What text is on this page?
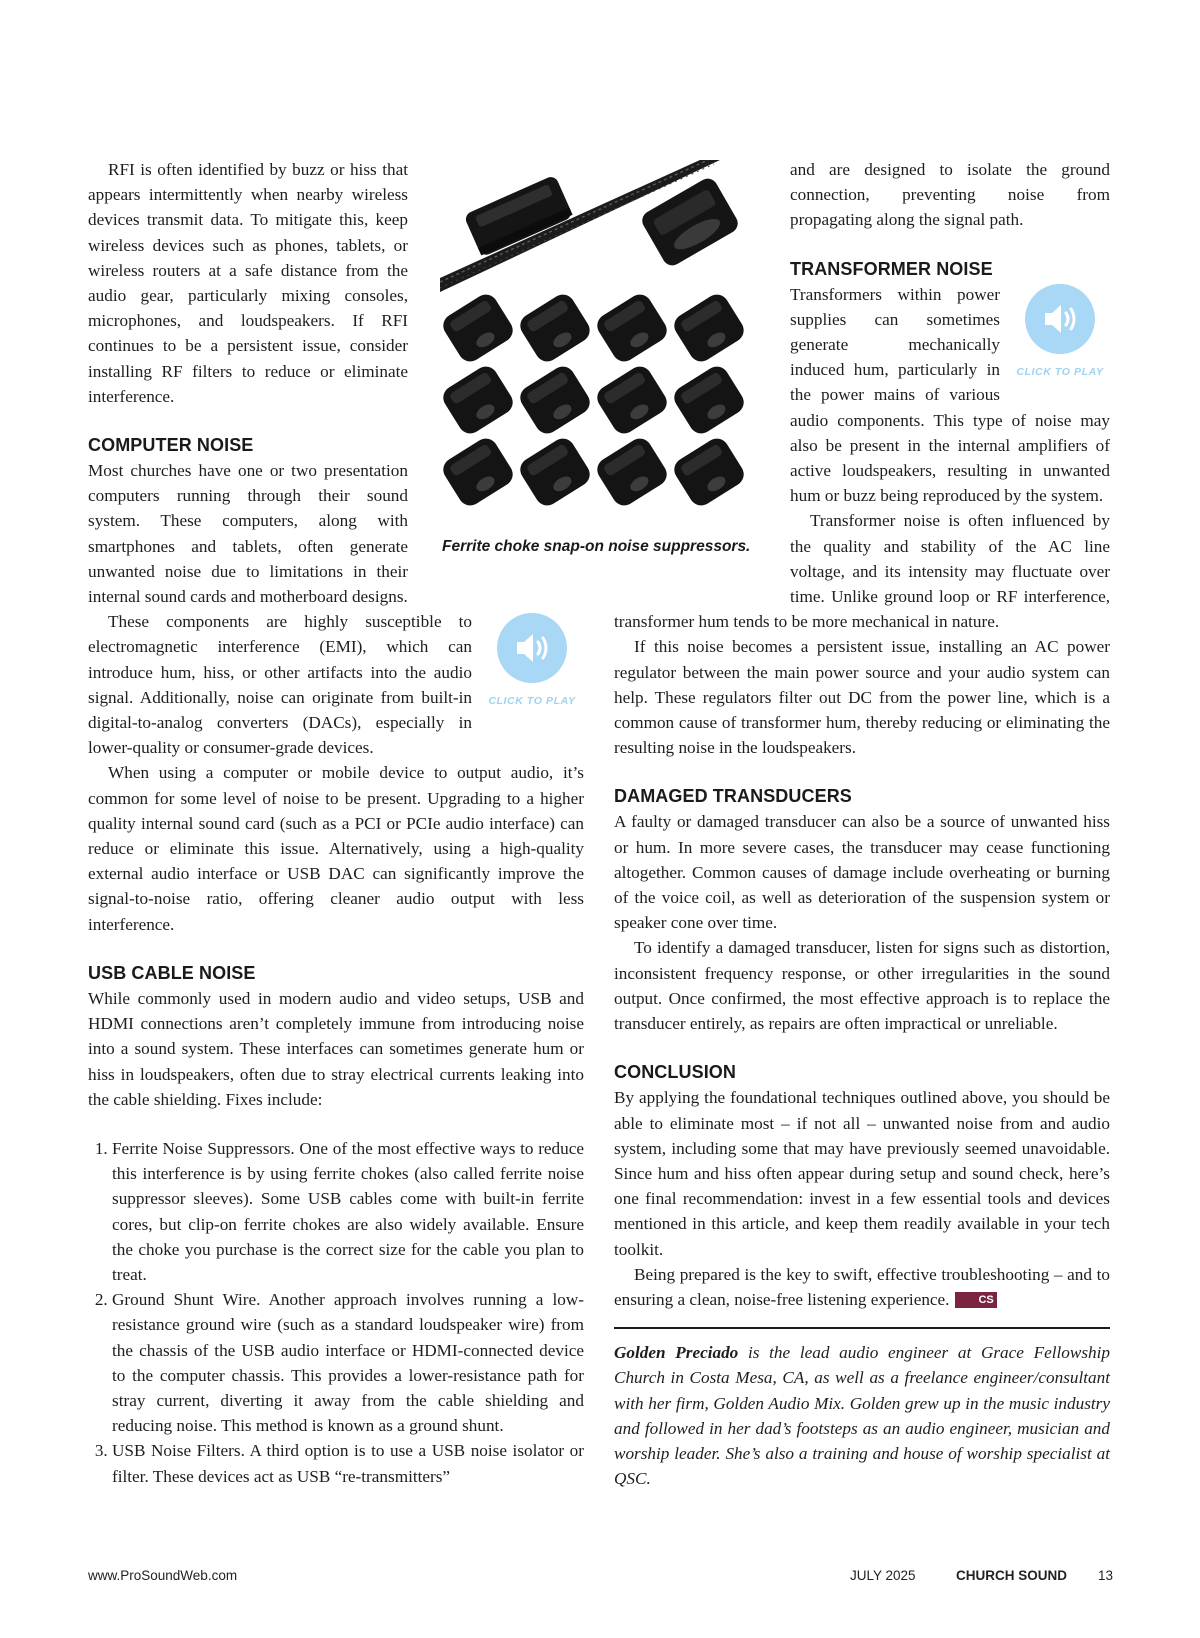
RFI is often identified by buzz or hiss that appears intermittently when nearby wireless devices transmit data. To mitigate this, keep wireless devices such as phones, tablets, or wireless routers at a safe distance from the audio gear, particularly mixing consoles, microphones, and loudspeakers. If RFI continues to be a persistent issue, consider installing RF filters to reduce or eliminate interference.

COMPUTER NOISE

Most churches have one or two presentation computers running through their sound system. These computers, along with smartphones and tablets, often generate unwanted noise due to limitations in their internal sound cards and motherboard designs.

CLICK TO PLAY

These components are highly susceptible to electromagnetic interference (EMI), which can introduce hum, hiss, or other artifacts into the audio signal. Additionally, noise can originate from built-in digital-to-analog converters (DACs), especially in lower-quality or consumer-grade devices.

When using a computer or mobile device to output audio, it’s common for some level of noise to be present. Upgrading to a higher quality internal sound card (such as a PCI or PCIe audio interface) can reduce or eliminate this issue. Alternatively, using a high-quality external audio interface or USB DAC can significantly improve the signal-to-noise ratio, offering cleaner audio output with less interference.

USB CABLE NOISE

While commonly used in modern audio and video setups, USB and HDMI connections aren’t completely immune from introducing noise into a sound system. These interfaces can sometimes generate hum or hiss in loudspeakers, often due to stray electrical currents leaking into the cable shielding. Fixes include:

1. Ferrite Noise Suppressors. One of the most effective ways to reduce this interference is by using ferrite chokes (also called ferrite noise suppressor sleeves). Some USB cables come with built-in ferrite cores, but clip-on ferrite chokes are also widely available. Ensure the choke you purchase is the correct size for the cable you plan to treat.
2. Ground Shunt Wire. Another approach involves running a low-resistance ground wire (such as a standard loudspeaker wire) from the chassis of the USB audio interface or HDMI-connected device to the computer chassis. This provides a lower-resistance path for stray current, diverting it away from the cable shielding and reducing noise. This method is known as a ground shunt.
3. USB Noise Filters. A third option is to use a USB noise isolator or filter. These devices act as USB “re-transmitters”
Ferrite choke snap-on noise suppressors.

and are designed to isolate the ground connection, preventing noise from propagating along the signal path.

TRANSFORMER NOISE
CLICK TO PLAY

Transformers within power supplies can sometimes generate mechanically induced hum, particularly in the power mains of various audio components. This type of noise may also be present in the internal amplifiers of active loudspeakers, resulting in unwanted hum or buzz being reproduced by the system.

Transformer noise is often influenced by the quality and stability of the AC line voltage, and its intensity may fluctuate over time. Unlike ground loop or RF interference, transformer hum tends to be more mechanical in nature.

If this noise becomes a persistent issue, installing an AC power regulator between the main power source and your audio system can help. These regulators filter out DC from the power line, which is a common cause of transformer hum, thereby reducing or eliminating the resulting noise in the loudspeakers.

DAMAGED TRANSDUCERS

A faulty or damaged transducer can also be a source of unwanted hiss or hum. In more severe cases, the transducer may cease functioning altogether. Common causes of damage include overheating or burning of the voice coil, as well as deterioration of the suspension system or speaker cone over time.

To identify a damaged transducer, listen for signs such as distortion, inconsistent frequency response, or other irregularities in the sound output. Once confirmed, the most effective approach is to replace the transducer entirely, as repairs are often impractical or unreliable.

CONCLUSION

By applying the foundational techniques outlined above, you should be able to eliminate most – if not all – unwanted noise from and audio system, including some that may have previously seemed unavoidable. Since hum and hiss often appear during setup and sound check, here’s one final recommendation: invest in a few essential tools and devices mentioned in this article, and keep them readily available in your tech toolkit.

Being prepared is the key to swift, effective troubleshooting – and to ensuring a clean, noise-free listening experience.	CS

Golden Preciado is the lead audio engineer at Grace Fellowship Church in Costa Mesa, CA, as well as a freelance engineer/consultant with her firm, Golden Audio Mix. Golden grew up in the music industry and followed in her dad’s footsteps as an audio engineer, musician and worship leader. She’s also a training and house of worship specialist at QSC.

www.ProSoundWeb.com	JULY 2025	CHURCH SOUND 13
